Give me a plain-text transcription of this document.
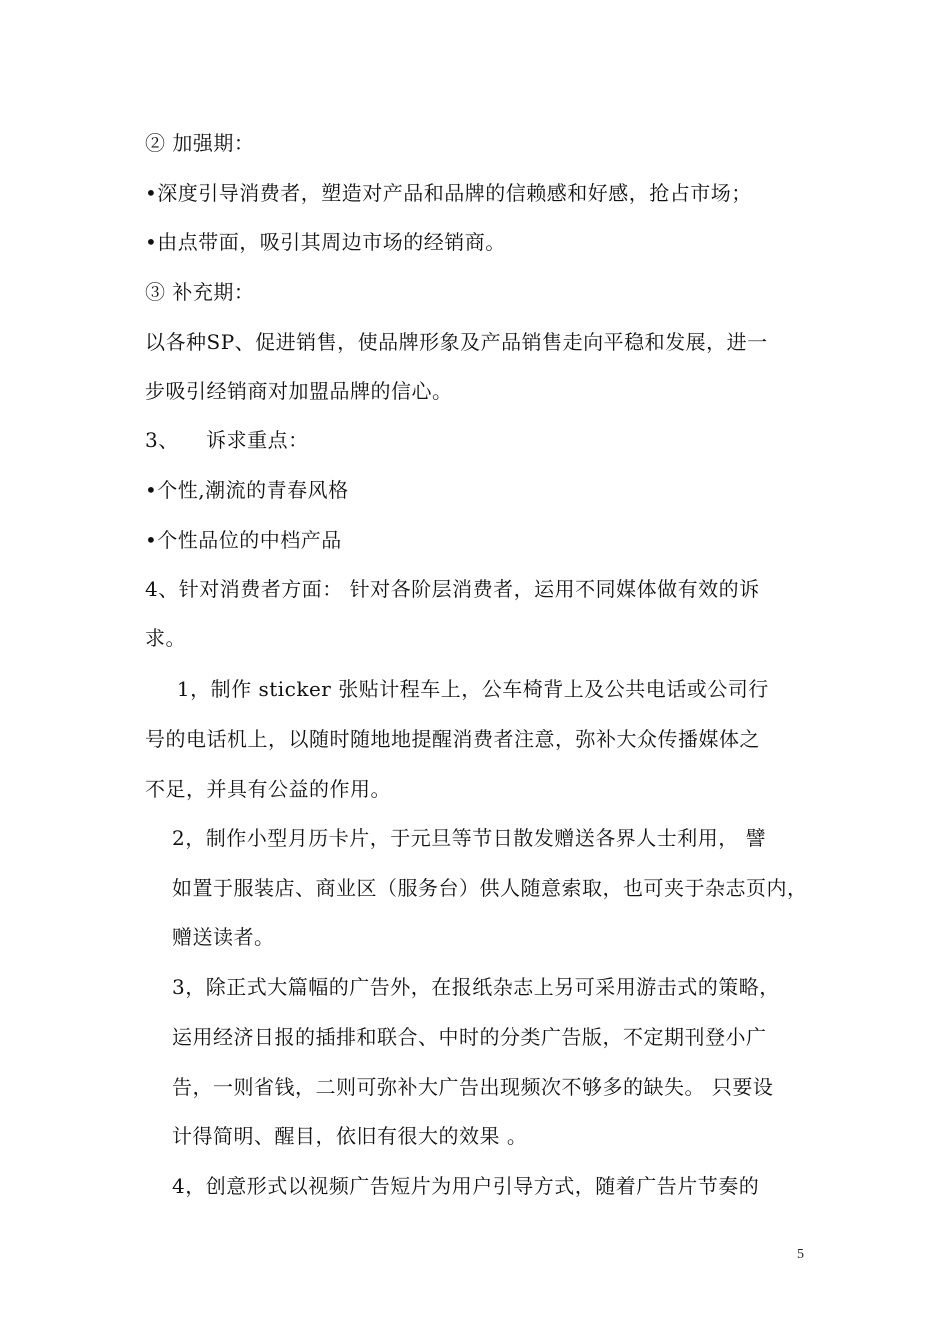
② 加强期：
•深度引导消费者，塑造对产品和品牌的信赖感和好感，抢占市场；
•由点带面，吸引其周边市场的经销商。
③ 补充期：
以各种SP、促进销售，使品牌形象及产品销售走向平稳和发展，进一
步吸引经销商对加盟品牌的信心。
3、    诉求重点：
•个性,潮流的青春风格
•个性品位的中档产品
4、针对消费者方面： 针对各阶层消费者，运用不同媒体做有效的诉
求。
1，制作 sticker 张贴计程车上，公车椅背上及公共电话或公司行
号的电话机上，以随时随地地提醒消费者注意，弥补大众传播媒体之
不足，并具有公益的作用。
2，制作小型月历卡片，于元旦等节日散发赠送各界人士利用， 譬
如置于服装店、商业区（服务台）供人随意索取，也可夹于杂志页内，
赠送读者。
3，除正式大篇幅的广告外，在报纸杂志上另可采用游击式的策略，
运用经济日报的插排和联合、中时的分类广告版，不定期刊登小广
告，一则省钱，二则可弥补大广告出现频次不够多的缺失。 只要设
计得简明、醒目，依旧有很大的效果 。
4，创意形式以视频广告短片为用户引导方式，随着广告片节奏的
5
